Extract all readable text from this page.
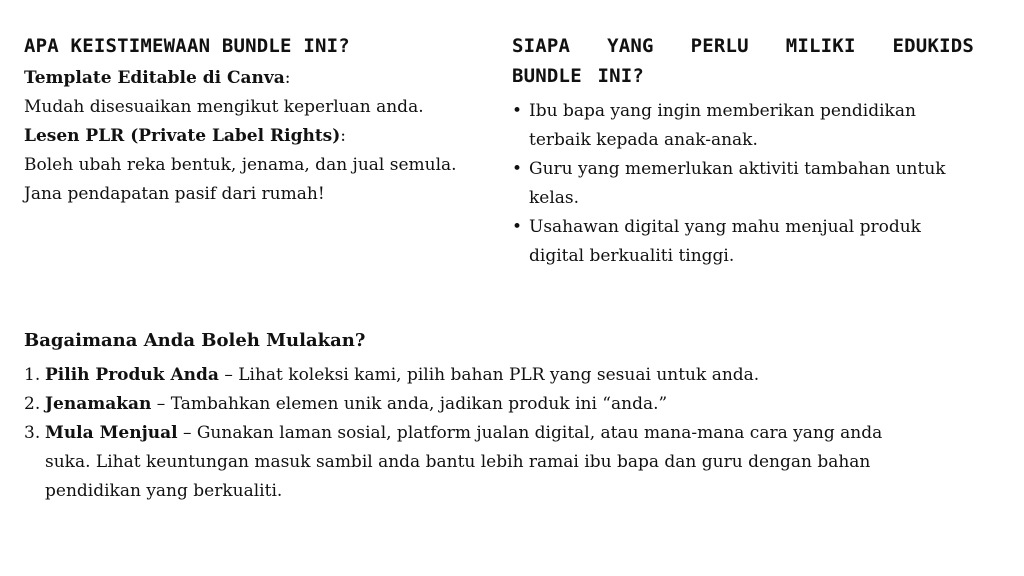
APA KEISTIMEWAAN BUNDLE INI?
Template Editable di Canva:
Mudah disesuaikan mengikut keperluan anda.
Lesen PLR (Private Label Rights):
Boleh ubah reka bentuk, jenama, dan jual semula.
Jana pendapatan pasif dari rumah!
SIAPA YANG PERLU MILIKI EDUKIDS BUNDLE INI?
• Ibu bapa yang ingin memberikan pendidikan terbaik kepada anak-anak.
• Guru yang memerlukan aktiviti tambahan untuk kelas.
• Usahawan digital yang mahu menjual produk digital berkualiti tinggi.
Bagaimana Anda Boleh Mulakan?
1. Pilih Produk Anda – Lihat koleksi kami, pilih bahan PLR yang sesuai untuk anda.
2. Jenamakan – Tambahkan elemen unik anda, jadikan produk ini “anda.”
3. Mula Menjual – Gunakan laman sosial, platform jualan digital, atau mana-mana cara yang anda suka. Lihat keuntungan masuk sambil anda bantu lebih ramai ibu bapa dan guru dengan bahan pendidikan yang berkualiti.
